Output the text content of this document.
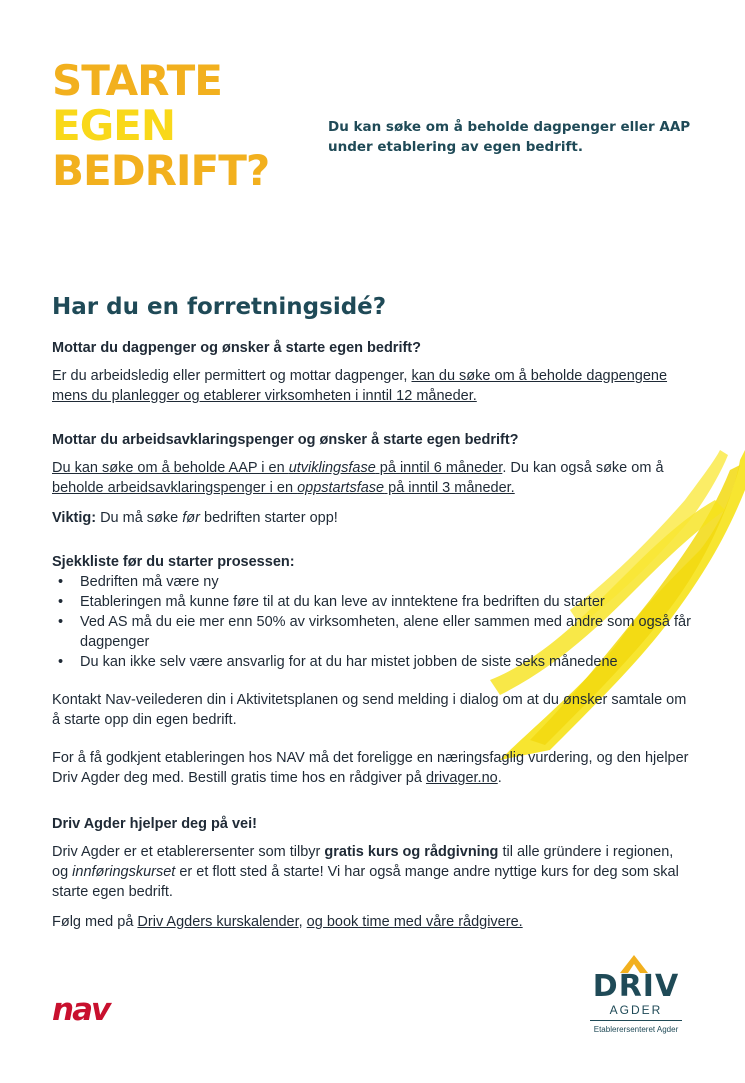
STARTE
EGEN
BEDRIFT?

Du kan søke om å beholde dagpenger eller AAP under etablering av egen bedrift.

Har du en forretningsidé?
Mottar du dagpenger og ønsker å starte egen bedrift?

Er du arbeidsledig eller permittert og mottar dagpenger, kan du søke om å beholde dagpengene mens du planlegger og etablerer virksomheten i inntil 12 måneder.

Mottar du arbeidsavklaringspenger og ønsker å starte egen bedrift?

Du kan søke om å beholde AAP i en utviklingsfase på inntil 6 måneder. Du kan også søke om å beholde arbeidsavklaringspenger i en oppstartsfase på inntil 3 måneder.

Viktig: Du må søke før bedriften starter opp!

Sjekkliste før du starter prosessen:
• Bedriften må være ny
• Etableringen må kunne føre til at du kan leve av inntektene fra bedriften du starter
• Ved AS må du eie mer enn 50% av virksomheten, alene eller sammen med andre som også får dagpenger
• Du kan ikke selv være ansvarlig for at du har mistet jobben de siste seks månedene

Kontakt Nav-veilederen din i Aktivitetsplanen og send melding i dialog om at du ønsker samtale om å starte opp din egen bedrift.

For å få godkjent etableringen hos NAV må det foreligge en næringsfaglig vurdering, og den hjelper Driv Agder deg med. Bestill gratis time hos en rådgiver på drivager.no.

Driv Agder hjelper deg på vei!

Driv Agder er et etablerersenter som tilbyr gratis kurs og rådgivning til alle gründere i regionen, og innføringskurset er et flott sted å starte! Vi har også mange andre nyttige kurs for deg som skal starte egen bedrift.

Følg med på Driv Agders kurskalender, og book time med våre rådgivere.

nav
DRIV
AGDER
Etablerersenteret Agder
